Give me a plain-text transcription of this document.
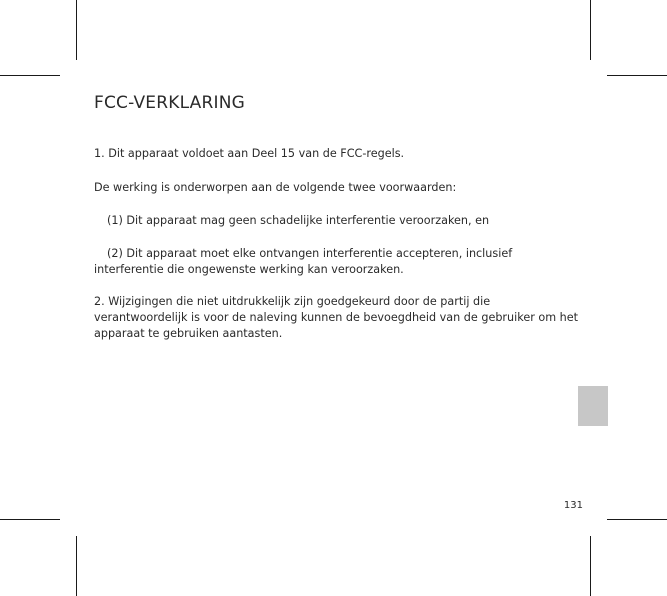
FCC-VERKLARING

1. Dit apparaat voldoet aan Deel 15 van de FCC-regels.

De werking is onderworpen aan de volgende twee voorwaarden:

(1) Dit apparaat mag geen schadelijke interferentie veroorzaken, en

(2) Dit apparaat moet elke ontvangen interferentie accepteren, inclusief interferentie die ongewenste werking kan veroorzaken.

2. Wijzigingen die niet uitdrukkelijk zijn goedgekeurd door de partij die verantwoordelijk is voor de naleving kunnen de bevoegdheid van de gebruiker om het apparaat te gebruiken aantasten.

131
